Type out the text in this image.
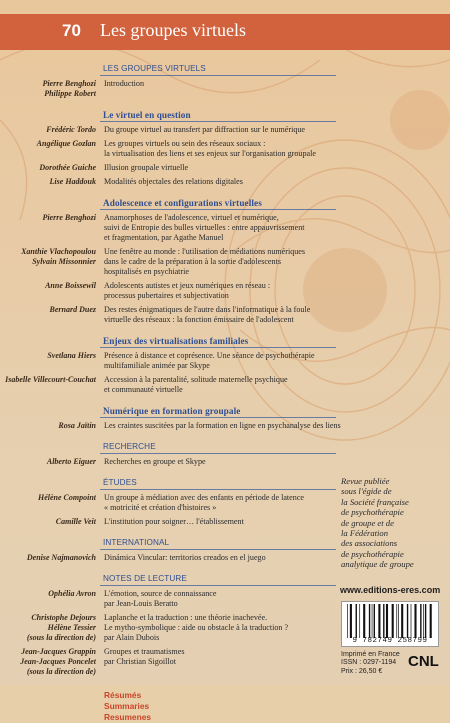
70 Les groupes virtuels
LES GROUPES VIRTUELS
Pierre Benghozi
Philippe Robert
Introduction
Le virtuel en question
Frédéric Tordo Du groupe virtuel au transfert par diffraction sur le numérique
Angélique Gozlan Les groupes virtuels ou sein des réseaux sociaux :
la virtualisation des liens et ses enjeux sur l'organisation groupale
Dorothée Guiche Illusion groupale virtuelle
Lise Haddouk Modalités objectales des relations digitales
Adolescence et configurations virtuelles
Pierre Benghozi Anamorphoses de l'adolescence, virtuel et numérique,
suivi de Entropie des bulles virtuelles : entre appauvrissement
et fragmentation, par Agathe Manuel
Xanthie Vlachopoulou
Sylvain Missonnier
Une fenêtre au monde : l'utilisation de médiations numériques
dans le cadre de la préparation à la sortie d'adolescents
hospitalisés en psychiatrie
Anne Boissewil Adolescents autistes et jeux numériques en réseau :
processus pubertaires et subjectivation
Bernard Duez Des restes énigmatiques de l'autre dans l'informatique à la foule
virtuelle des réseaux : la fonction émissaire de l'adolescent
Enjeux des virtualisations familiales
Svetlana Hiers Présence à distance et coprésence. Une séance de psychothérapie
multifamiliale animée par Skype
Isabelle Villecourt-Couchat Accession à la parentalité, solitude maternelle psychique
et communauté virtuelle
Numérique en formation groupale
Rosa Jaïtin Les craintes suscitées par la formation en ligne en psychanalyse des liens
RECHERCHE
Alberto Eiguer Recherches en groupe et Skype
ÉTUDES
Hélène Compoint Un groupe à médiation avec des enfants en période de latence
« motricité et création d'histoires »
Camille Veit L'institution pour soigner… l'établissement
INTERNATIONAL
Denise Najmanovich Dinámica Vincular: territorios creados en el juego
NOTES DE LECTURE
Ophélia Avron L'émotion, source de connaissance
par Jean-Louis Beratto
Christophe Dejours
Hélène Tessier
(sous la direction de)
Laplanche et la traduction : une théorie inachevée.
Le mytho-symbolique : aide ou obstacle à la traduction ?
par Alain Dubois
Jean-Jacques Grappin
Jean-Jacques Poncelet
(sous la direction de)
Groupes et traumatismes
par Christian Sigoillot
Résumés
Summaries
Resumenes
Revue publiée
sous l'égide de
la Société française
de psychothérapie
de groupe et de
la Fédération
des associations
de psychothérapie
analytique de groupe
www.editions-eres.com
9 782749 258799
Imprimé en France
ISSN : 0297-1194
Prix : 26,50 €
CNL
